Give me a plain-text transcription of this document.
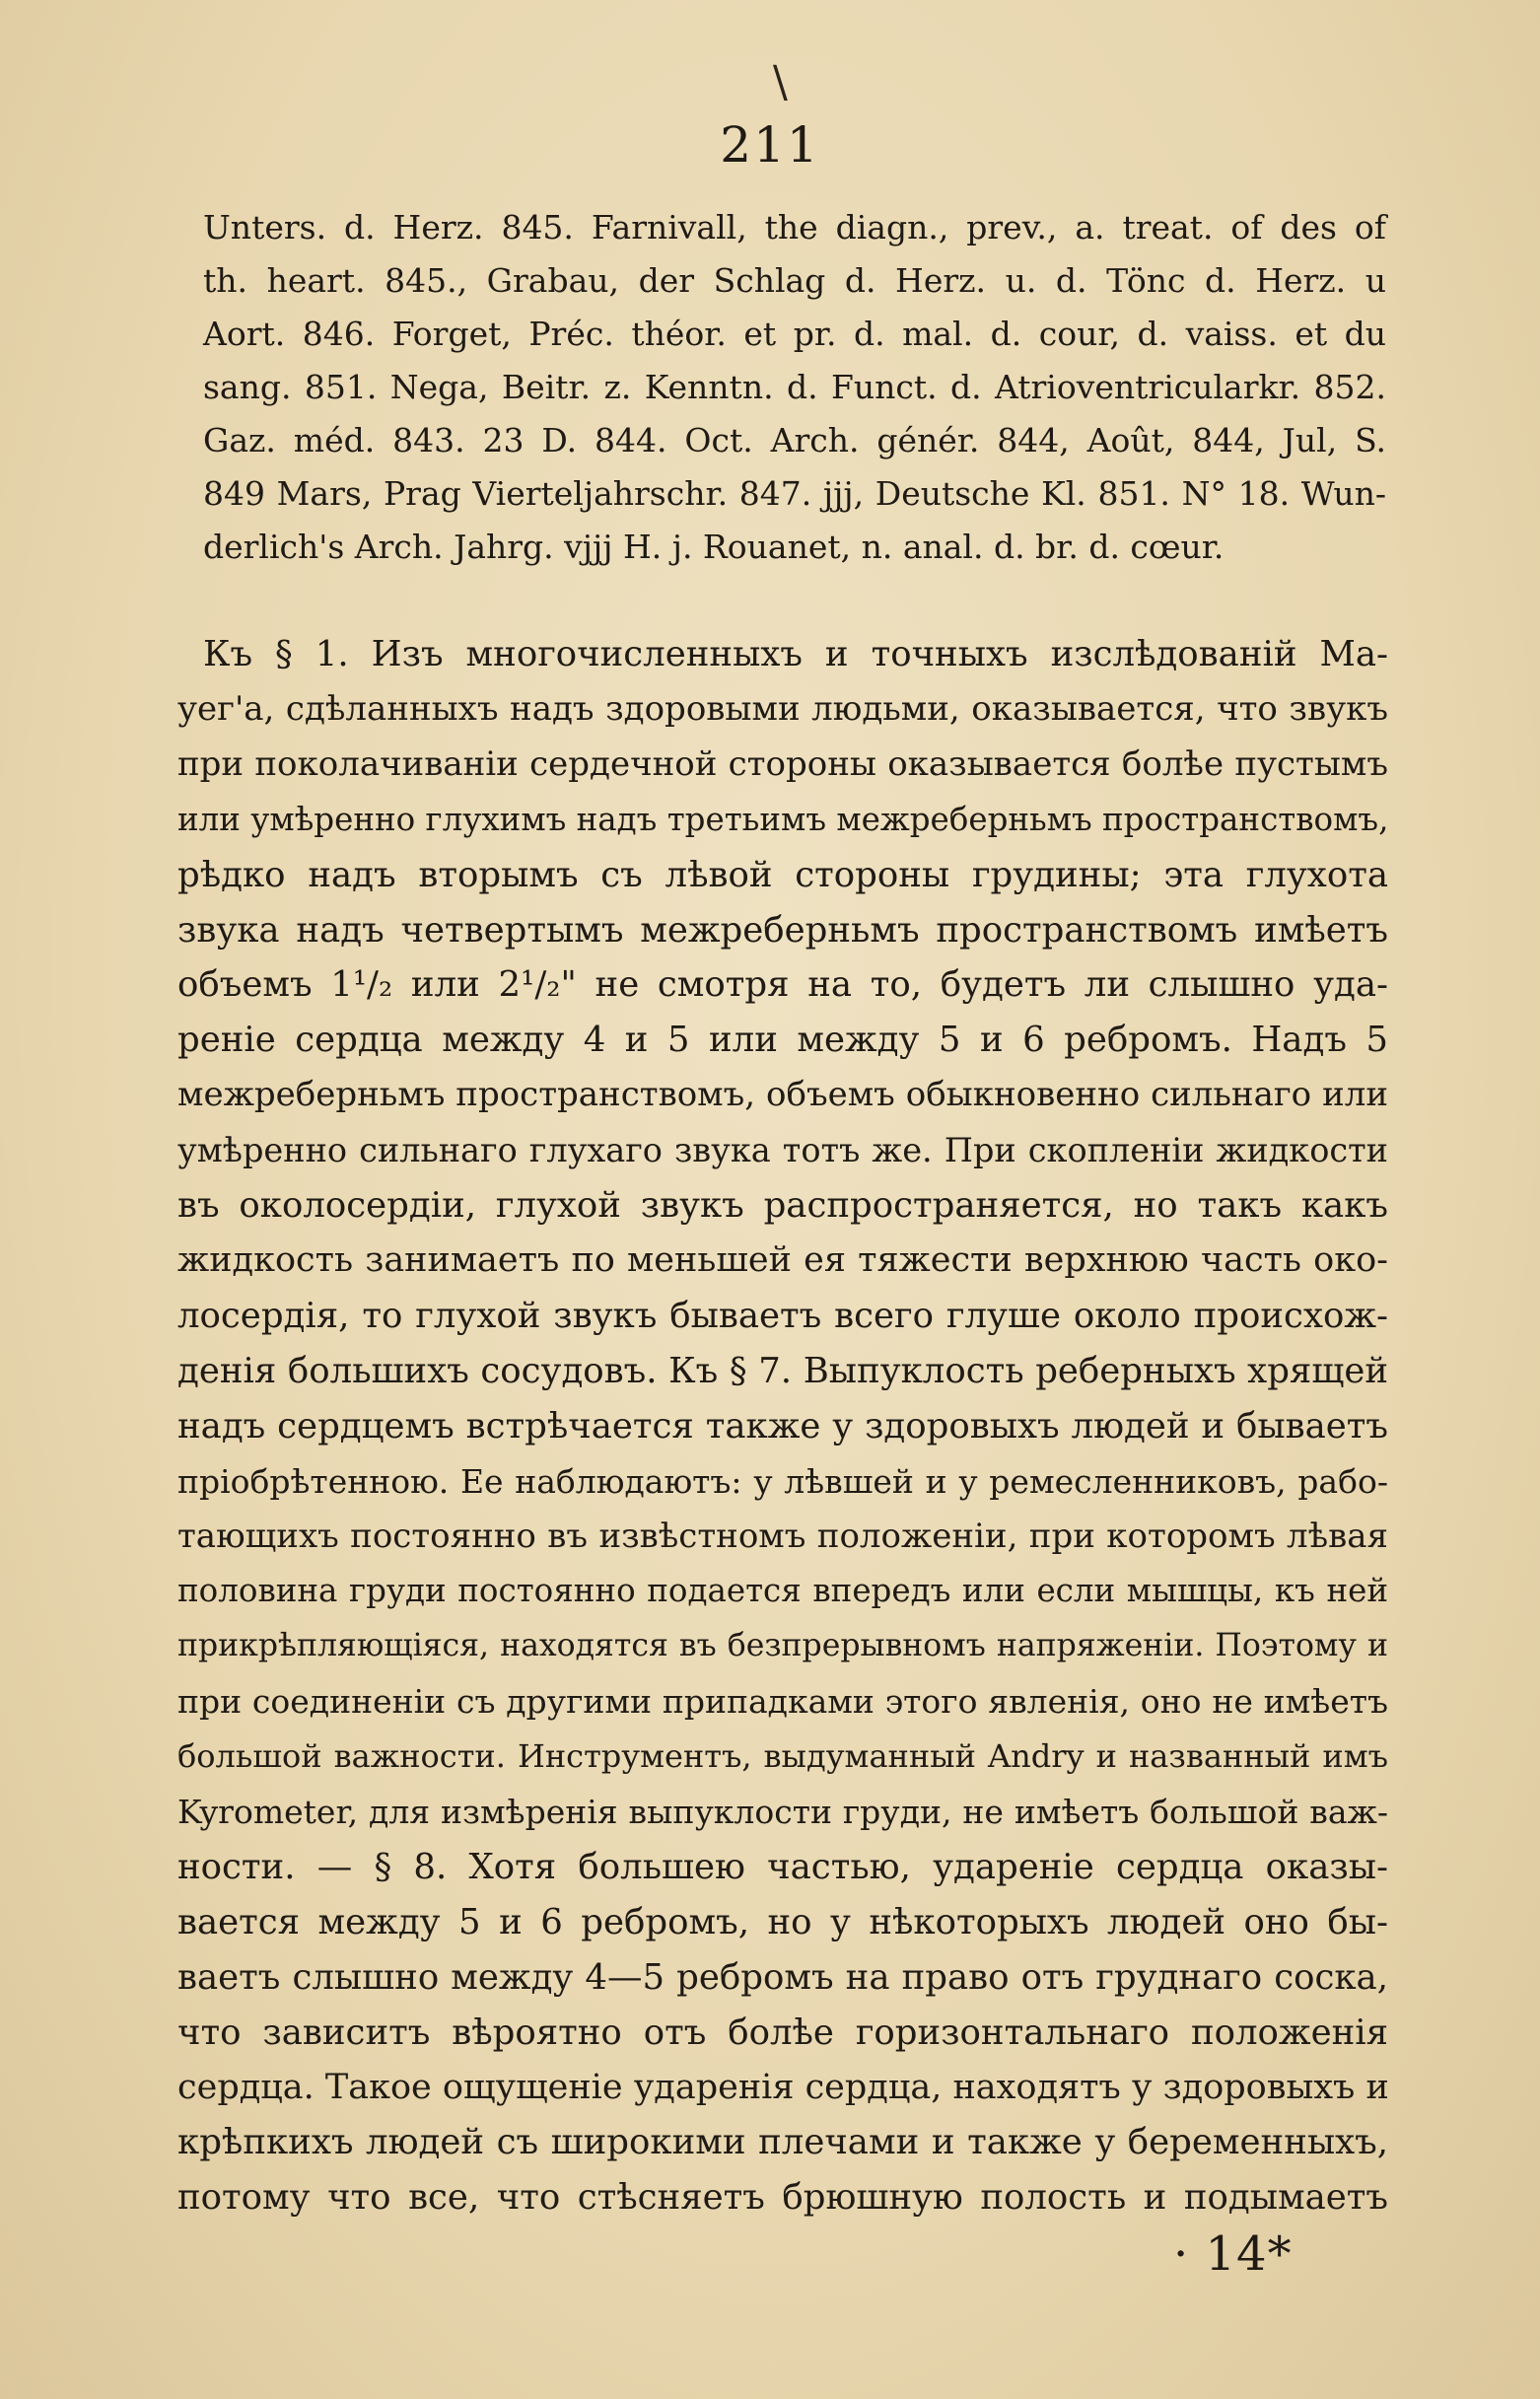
\
211
Unters. d. Herz. 845. Farnivall, the diagn., prev., a. treat. of des of
th. heart. 845., Grabau, der Schlag d. Herz. u. d. Tönc d. Herz. u
Aort. 846. Forget, Préc. théor. et pr. d. mal. d. cour, d. vaiss. et du
sang. 851. Nega, Beitr. z. Kenntn. d. Funct. d. Atrioventricularkr. 852.
Gaz. méd. 843. 23 D. 844. Oct. Arch. génér. 844, Août, 844, Jul, S.
849 Mars, Prag Vierteljahrschr. 847. jjj, Deutsche Kl. 851. N° 18. Wun-
derlich's Arch. Jahrg. vjjj H. j. Rouanet, n. anal. d. br. d. cœur.
Къ § 1. Изъ многочисленныхъ и точныхъ изслѣдованій Ма-
уег'а, сдѣланныхъ надъ здоровыми людьми, оказывается, что звукъ
при поколачиваніи сердечной стороны оказывается болѣе пустымъ
или умѣренно глухимъ надъ третьимъ межреберньмъ пространствомъ,
рѣдко надъ вторымъ съ лѣвой стороны грудины; эта глухота
звука надъ четвертымъ межреберньмъ пространствомъ имѣетъ
объемъ 1¹/₂ или 2¹/₂" не смотря на то, будетъ ли слышно уда-
реніе сердца между 4 и 5 или между 5 и 6 ребромъ. Надъ 5
межреберньмъ пространствомъ, объемъ обыкновенно сильнаго или
умѣренно сильнаго глухаго звука тотъ же. При скопленіи жидкости
въ околосердіи, глухой звукъ распространяется, но такъ какъ
жидкость занимаетъ по меньшей ея тяжести верхнюю часть око-
лосердія, то глухой звукъ бываетъ всего глуше около происхож-
денія большихъ сосудовъ. Къ § 7. Выпуклость реберныхъ хрящей
надъ сердцемъ встрѣчается также у здоровыхъ людей и бываетъ
пріобрѣтенною. Ее наблюдаютъ: у лѣвшей и у ремесленниковъ, рабо-
тающихъ постоянно въ извѣстномъ положеніи, при которомъ лѣвая
половина груди постоянно подается впередъ или если мышцы, къ ней
прикрѣпляющіяся, находятся въ безпрерывномъ напряженіи. Поэтому и
при соединеніи съ другими припадками этого явленія, оно не имѣетъ
большой важности. Инструментъ, выдуманный Andry и названный имъ
Kyrometer, для измѣренія выпуклости груди, не имѣетъ большой важ-
ности. — § 8. Хотя большею частью, удареніе сердца оказы-
вается между 5 и 6 ребромъ, но у нѣкоторыхъ людей оно бы-
ваетъ слышно между 4—5 ребромъ на право отъ груднаго соска,
что зависитъ вѣроятно отъ болѣе горизонтальнаго положенія
сердца. Такое ощущеніе ударенія сердца, находятъ у здоровыхъ и
крѣпкихъ людей съ широкими плечами и также у беременныхъ,
потому что все, что стѣсняетъ брюшную полость и подымаетъ
· 14*
